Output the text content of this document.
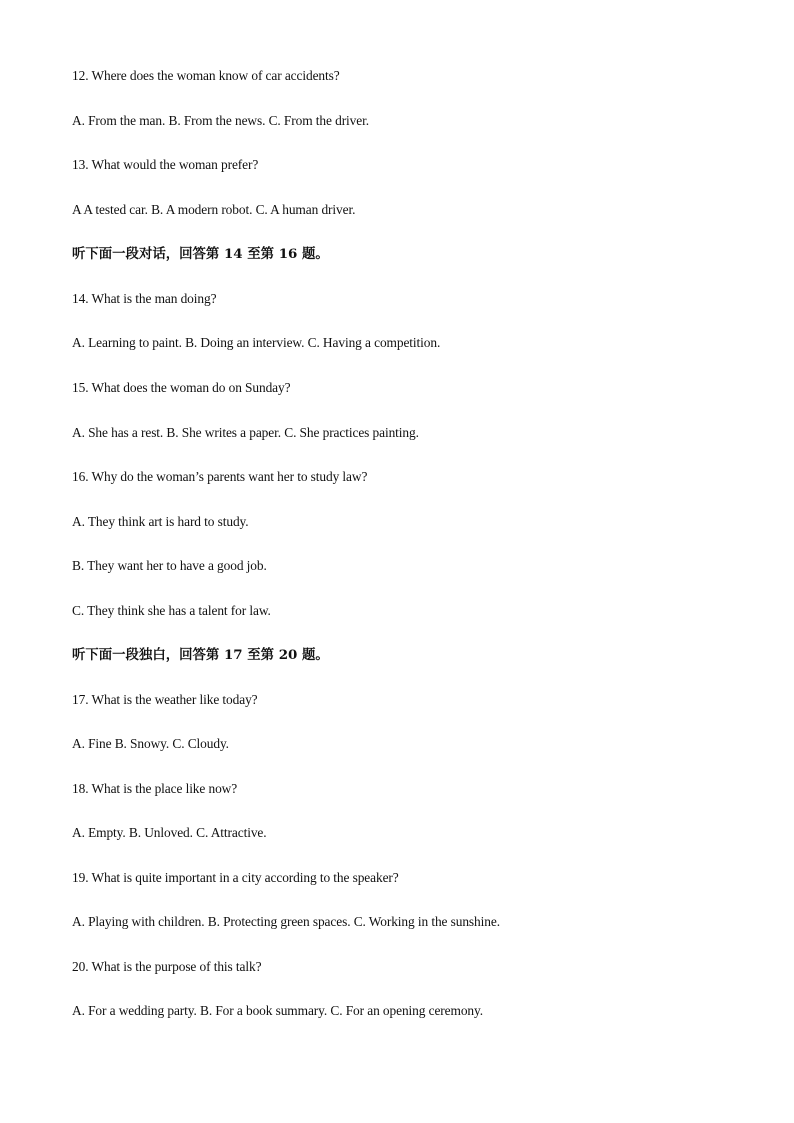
12. Where does the woman know of car accidents?
A. From the man. B. From the news. C. From the driver.
13. What would the woman prefer?
A A tested car. B. A modern robot. C. A human driver.
听下面一段对话，回答第 14 至第 16 题。
14. What is the man doing?
A. Learning to paint. B. Doing an interview. C. Having a competition.
15. What does the woman do on Sunday?
A. She has a rest. B. She writes a paper. C. She practices painting.
16. Why do the woman’s parents want her to study law?
A. They think art is hard to study.
B. They want her to have a good job.
C. They think she has a talent for law.
听下面一段独白，回答第 17 至第 20 题。
17. What is the weather like today?
A. Fine B. Snowy. C. Cloudy.
18. What is the place like now?
A. Empty. B. Unloved. C. Attractive.
19. What is quite important in a city according to the speaker?
A. Playing with children. B. Protecting green spaces. C. Working in the sunshine.
20. What is the purpose of this talk?
A. For a wedding party. B. For a book summary. C. For an opening ceremony.
